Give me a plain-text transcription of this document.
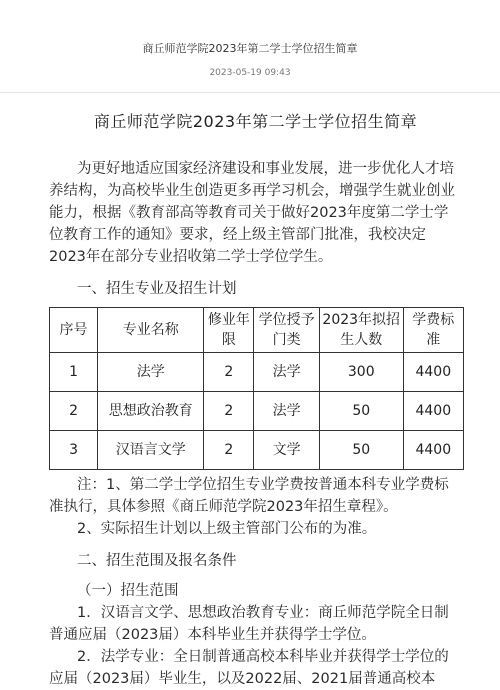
商丘师范学院2023年第二学士学位招生简章
2023-05-19 09:43
商丘师范学院2023年第二学士学位招生简章

为更好地适应国家经济建设和事业发展，进一步优化人才培养结构，为高校毕业生创造更多再学习机会，增强学生就业创业能力，根据《教育部高等教育司关于做好2023年度第二学士学位教育工作的通知》要求，经上级主管部门批准，我校决定2023年在部分专业招收第二学士学位学生。

一、招生专业及招生计划
序号	专业名称	修业年限	学位授予门类	2023年拟招生人数	学费标准
1	法学	2	法学	300	4400
2	思想政治教育	2	法学	50	4400
3	汉语言文学	2	文学	50	4400

注：1、第二学士学位招生专业学费按普通本科专业学费标准执行，具体参照《商丘师范学院2023年招生章程》。

2、实际招生计划以上级主管部门公布的为准。

二、招生范围及报名条件

（一）招生范围

1．汉语言文学、思想政治教育专业：商丘师范学院全日制普通应届（2023届）本科毕业生并获得学士学位。

2．法学专业：全日制普通高校本科毕业并获得学士学位的应届（2023届）毕业生，以及2022届、2021届普通高校本
